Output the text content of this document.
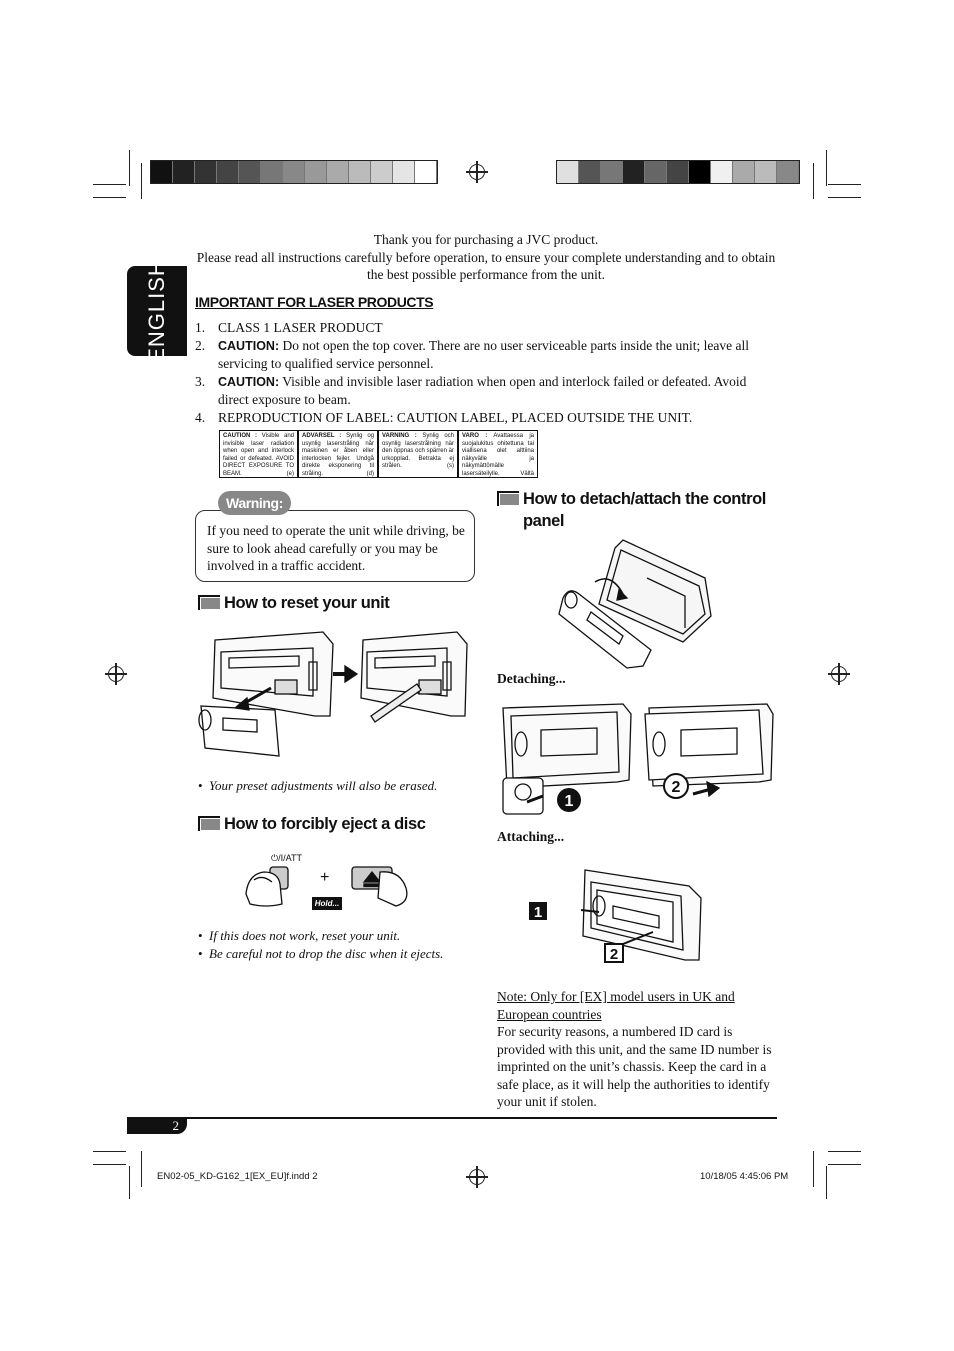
ENGLISH
Thank you for purchasing a JVC product.
Please read all instructions carefully before operation, to ensure your complete understanding and to obtain the best possible performance from the unit.
IMPORTANT FOR LASER PRODUCTS
1. CLASS 1 LASER PRODUCT
2. CAUTION: Do not open the top cover. There are no user serviceable parts inside the unit; leave all servicing to qualified service personnel.
3. CAUTION: Visible and invisible laser radiation when open and interlock failed or defeated. Avoid direct exposure to beam.
4. REPRODUCTION OF LABEL: CAUTION LABEL, PLACED OUTSIDE THE UNIT.
CAUTION : Visible and invisible laser radiation when open and interlock failed or defeated. AVOID DIRECT EXPOSURE TO BEAM.	(e)
ADVARSEL : Synlig og usynlig laserstråling når maskinen er åben eller interlocken fejler. Undgå direkte eksponering til stråling.	(d)
VARNING : Synlig och osynlig laserstrålning när den öppnas och spärren är urkopplad. Betrakta ej strålen.	(s)
VARO : Avattaessa ja suojalukitus ohitettuna tai viallisena olet alttiina näkyvälle ja näkymättömälle lasersäteilylle. Vältä
If you need to operate the unit while driving, be sure to look ahead carefully or you may be involved in a traffic accident.
Warning:
How to reset your unit
• Your preset adjustments will also be erased.
How to forcibly eject a disc
⏻/I/ATT
+
Hold...
• If this does not work, reset your unit.
• Be careful not to drop the disc when it ejects.
How to detach/attach the control
panel
Detaching...
1
2
Attaching...
1
2
Note: Only for [EX] model users in UK and European countries
For security reasons, a numbered ID card is provided with this unit, and the same ID number is imprinted on the unit’s chassis. Keep the card in a safe place, as it will help the authorities to identify your unit if stolen.
2
EN02-05_KD-G162_1[EX_EU]f.indd 2	10/18/05 4:45:06 PM
